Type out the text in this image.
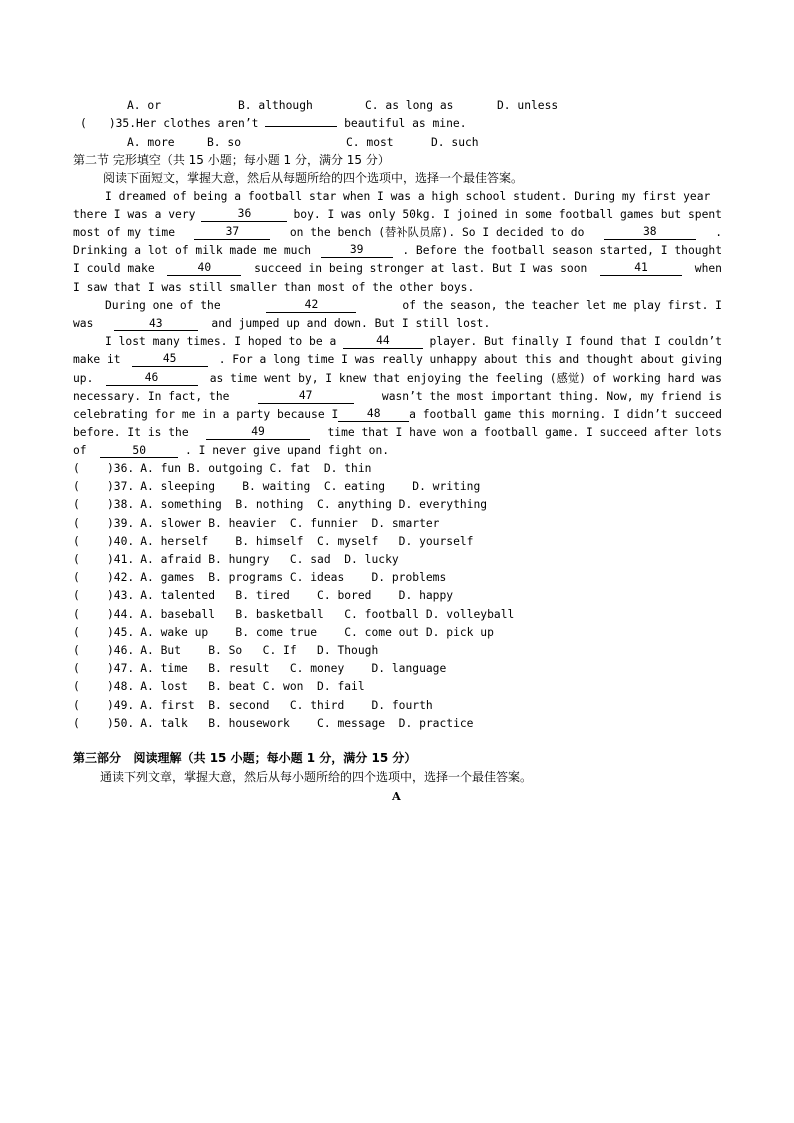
A. or

	B. although

	C. as long as

	D. unless

( )35.Her clothes aren’t	beautiful as mine.

A. more

	B. so

	C. most

	D. such

第二节 完形填空（共 15 小题；每小题 1 分，满分 15 分）
阅读下面短文，掌握大意，然后从每题所给的四个选项中，选择一个最佳答案。
I dreamed of being a football star when I was a high school student. During my first year
there I was a very	36	boy. I was only 50kg. I joined in some football games but spent
most of my time	37	on the bench (替补队员席). So I decided to do	38	.
Drinking a lot of milk made me much	39	. Before the football season started, I thought
I could make	40	succeed in being stronger at last. But I was soon	41	when
I saw that I was still smaller than most of the other boys.
During one of the	42	of the season, the teacher let me play first. I
was	43	and jumped up and down. But I still lost.
I lost many times. I hoped to be a	44	player. But finally I found that I couldn’t
make it	45	. For a long time I was really unhappy about this and thought about giving
up.	46	as time went by, I knew that enjoying the feeling (感觉) of working hard was
necessary. In fact, the	47	wasn’t the most important thing. Now, my friend is
celebrating for me in a party because I	48	a football game this morning. I didn’t succeed
before. It is the	49	time that I have won a football game. I succeed after lots
of	50	. I never give upand fight on.
(    )36. A. fun B. outgoing C. fat  D. thin
(    )37. A. sleeping    B. waiting  C. eating    D. writing
(    )38. A. something  B. nothing  C. anything D. everything
(    )39. A. slower B. heavier  C. funnier  D. smarter
(    )40. A. herself    B. himself  C. myself   D. yourself
(    )41. A. afraid B. hungry   C. sad  D. lucky
(    )42. A. games  B. programs C. ideas    D. problems
(    )43. A. talented   B. tired    C. bored    D. happy
(    )44. A. baseball   B. basketball   C. football D. volleyball
(    )45. A. wake up    B. come true    C. come out D. pick up
(    )46. A. But    B. So   C. If   D. Though
(    )47. A. time   B. result   C. money    D. language
(    )48. A. lost   B. beat C. won  D. fail
(    )49. A. first  B. second   C. third    D. fourth
(    )50. A. talk   B. housework    C. message  D. practice
第三部分   阅读理解（共 15 小题；每小题 1 分，满分 15 分）
通读下列文章，掌握大意，然后从每小题所给的四个选项中，选择一个最佳答案。
A
